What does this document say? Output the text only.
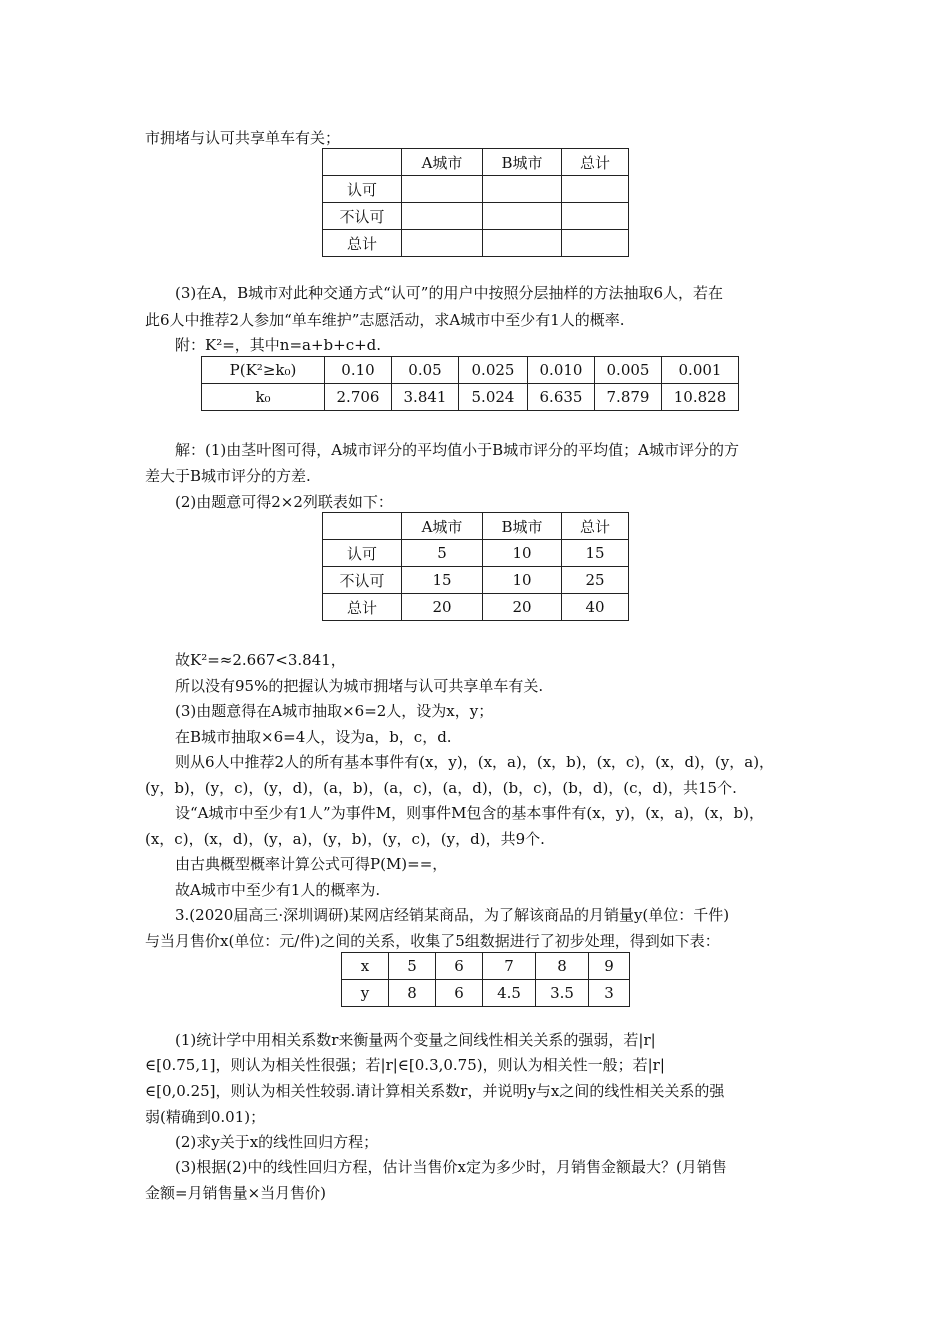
市拥堵与认可共享单车有关；
	A城市	B城市	总计
认可			
不认可			
总计			
(3)在A，B城市对此种交通方式“认可”的用户中按照分层抽样的方法抽取6人，若在
此6人中推荐2人参加“单车维护”志愿活动，求A城市中至少有1人的概率.
附：K²=，其中n=a+b+c+d.
P(K²≥k₀)	0.10	0.05	0.025	0.010	0.005	0.001
k₀	2.706	3.841	5.024	6.635	7.879	10.828
解：(1)由茎叶图可得，A城市评分的平均值小于B城市评分的平均值；A城市评分的方
差大于B城市评分的方差.
(2)由题意可得2×2列联表如下：
	A城市	B城市	总计
认可	5	10	15
不认可	15	10	25
总计	20	20	40
故K²=≈2.667<3.841，
所以没有95%的把握认为城市拥堵与认可共享单车有关.
(3)由题意得在A城市抽取×6=2人，设为x，y；
在B城市抽取×6=4人，设为a，b，c，d.
则从6人中推荐2人的所有基本事件有(x，y)，(x，a)，(x，b)，(x，c)，(x，d)，(y，a)，
(y，b)，(y，c)，(y，d)，(a，b)，(a，c)，(a，d)，(b，c)，(b，d)，(c，d)，共15个.
设“A城市中至少有1人”为事件M，则事件M包含的基本事件有(x，y)，(x，a)，(x，b)，
(x，c)，(x，d)，(y，a)，(y，b)，(y，c)，(y，d)，共9个.
由古典概型概率计算公式可得P(M)==，
故A城市中至少有1人的概率为.
3.(2020届高三·深圳调研)某网店经销某商品，为了解该商品的月销量y(单位：千件)
与当月售价x(单位：元/件)之间的关系，收集了5组数据进行了初步处理，得到如下表：
x	5	6	7	8	9
y	8	6	4.5	3.5	3
(1)统计学中用相关系数r来衡量两个变量之间线性相关关系的强弱，若|r|
∈[0.75,1]，则认为相关性很强；若|r|∈[0.3,0.75)，则认为相关性一般；若|r|
∈[0,0.25]，则认为相关性较弱.请计算相关系数r，并说明y与x之间的线性相关关系的强
弱(精确到0.01)；
(2)求y关于x的线性回归方程；
(3)根据(2)中的线性回归方程，估计当售价x定为多少时，月销售金额最大？(月销售
金额=月销售量×当月售价)
